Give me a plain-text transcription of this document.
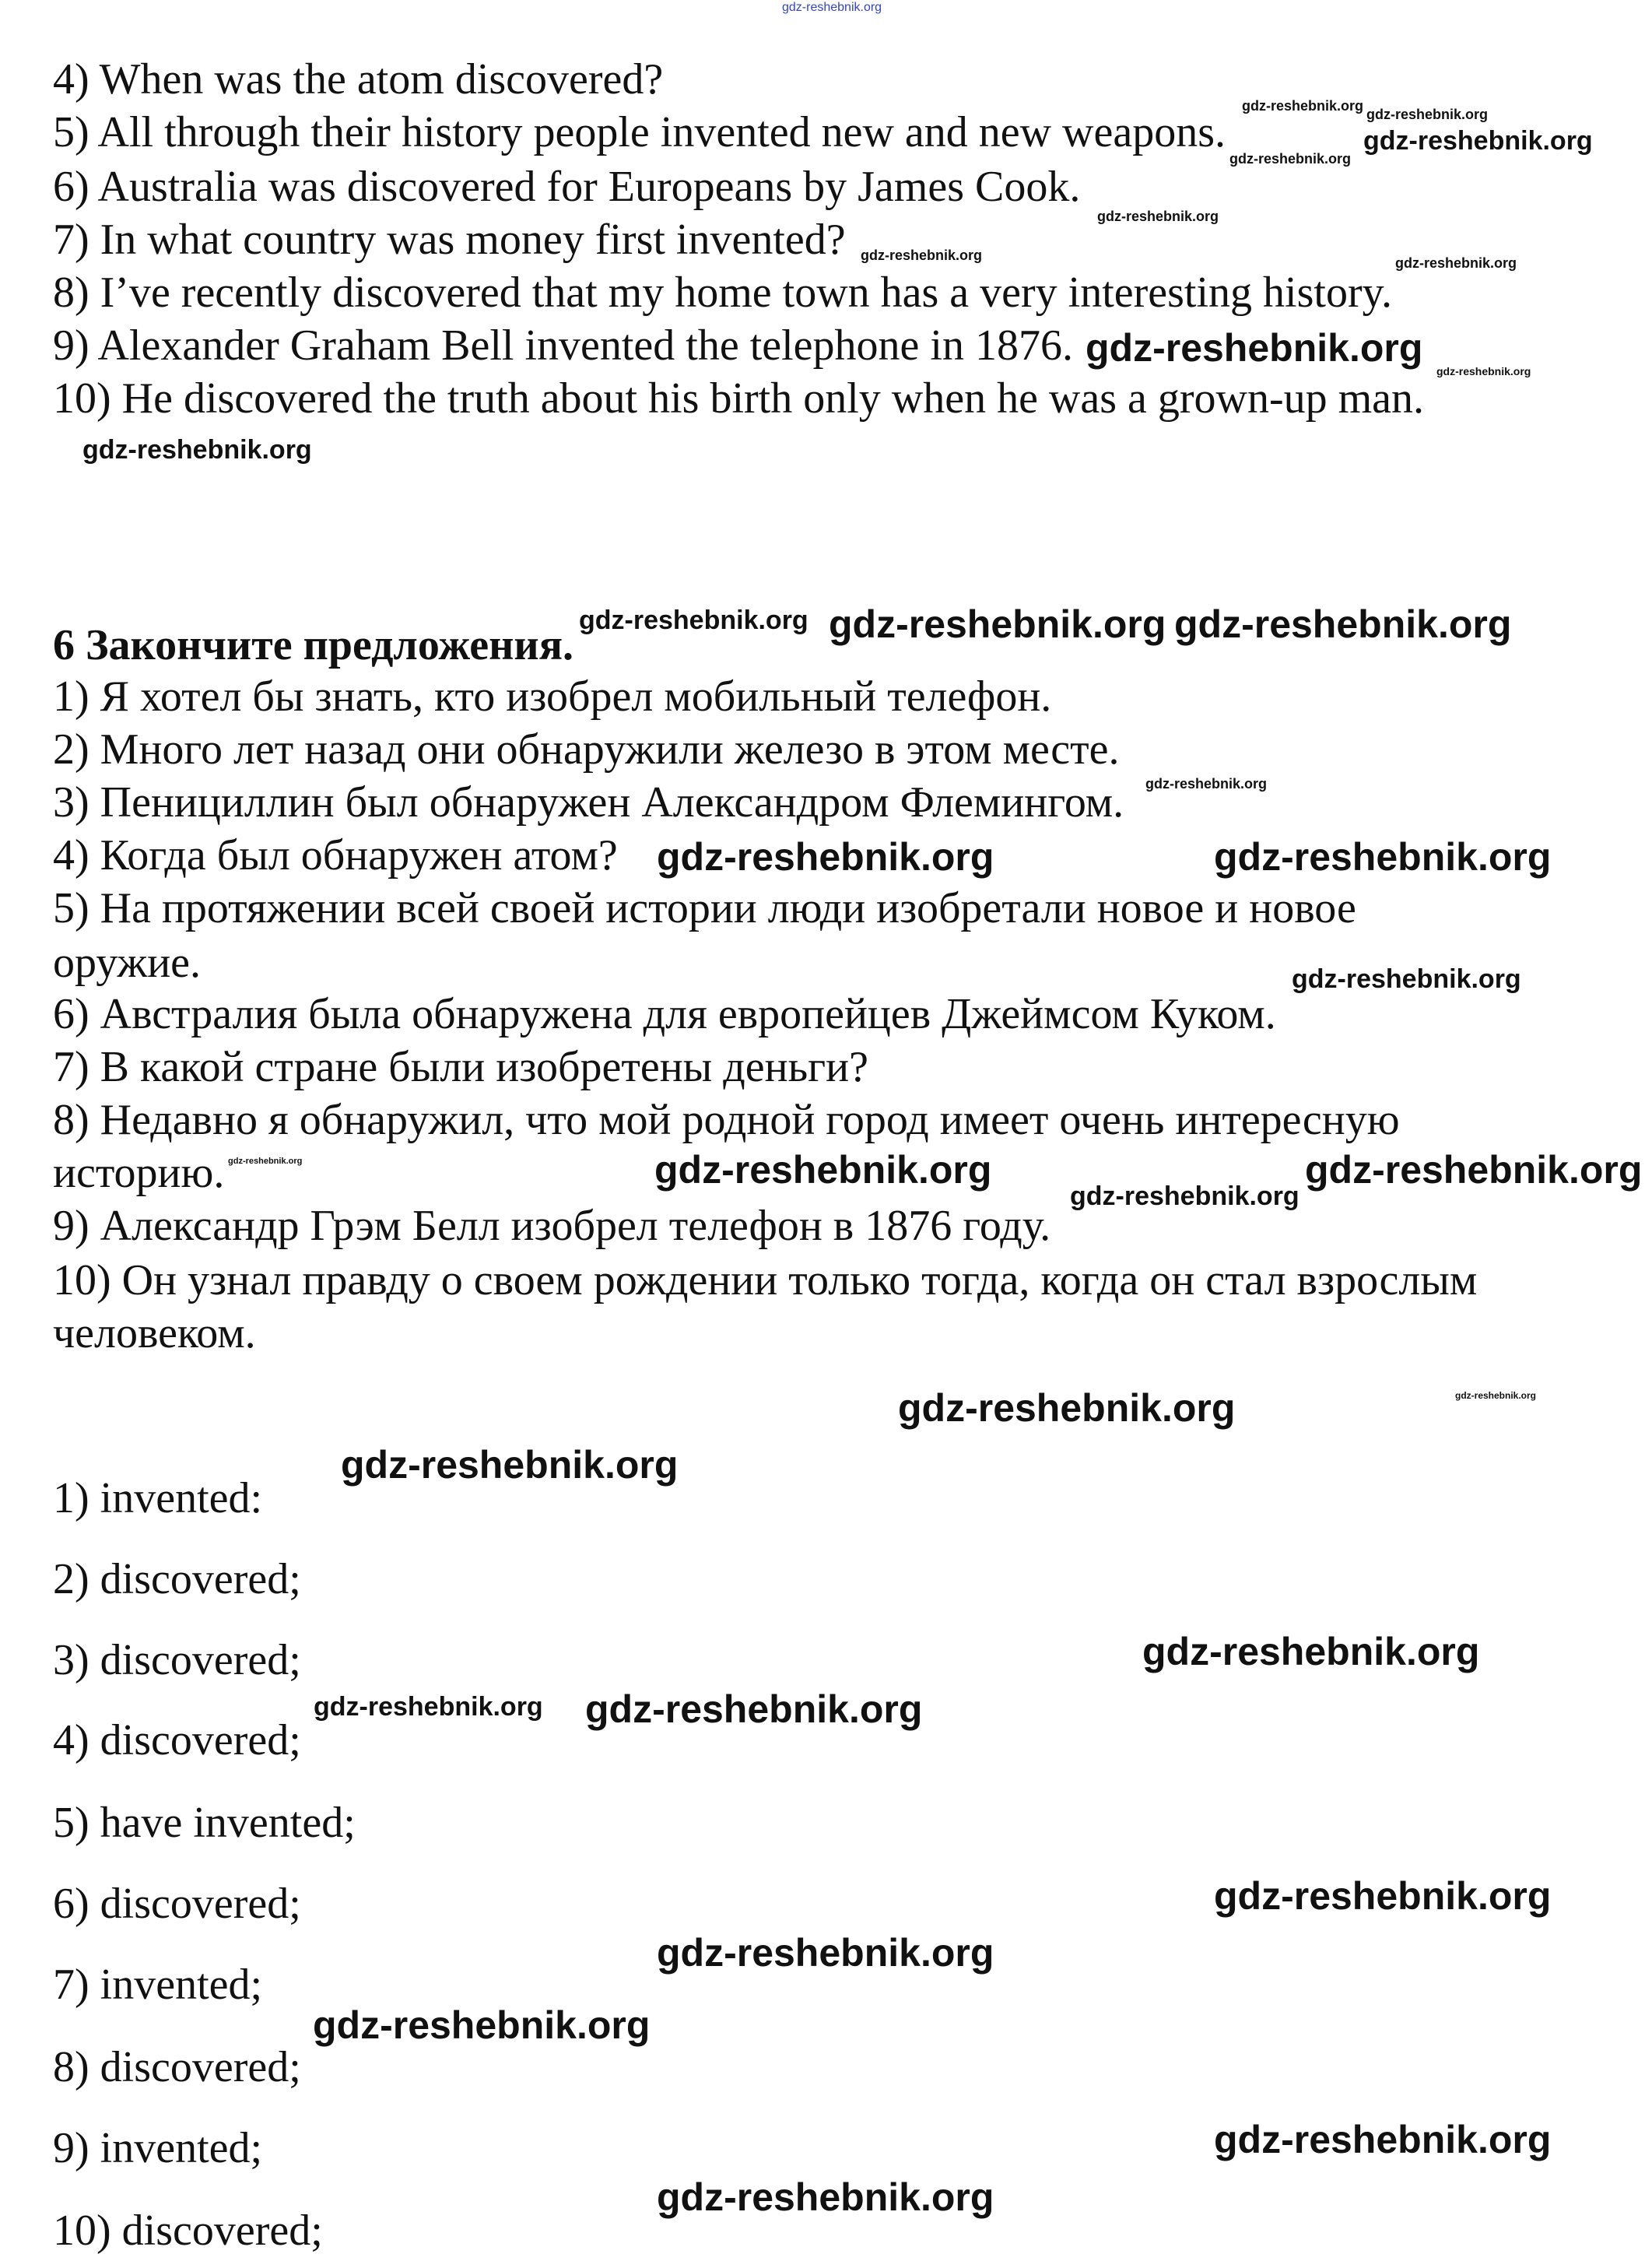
gdz-reshebnik.org
4) When was the atom discovered?
5) All through their history people invented new and new weapons.
6) Australia was discovered for Europeans by James Cook.
7) In what country was money first invented?
8) I’ve recently discovered that my home town has a very interesting history.
9) Alexander Graham Bell invented the telephone in 1876.
10) He discovered the truth about his birth only when he was a grown-up man.
6 Закончите предложения.
1) Я хотел бы знать, кто изобрел мобильный телефон.
2) Много лет назад они обнаружили железо в этом месте.
3) Пенициллин был обнаружен Александром Флемингом.
4) Когда был обнаружен атом?
5) На протяжении всей своей истории люди изобретали новое и новое
оружие.
6) Австралия была обнаружена для европейцев Джеймсом Куком.
7) В какой стране были изобретены деньги?
8) Недавно я обнаружил, что мой родной город имеет очень интересную
историю.
9) Александр Грэм Белл изобрел телефон в 1876 году.
10) Он узнал правду о своем рождении только тогда, когда он стал взрослым
человеком.
1) invented:
2) discovered;
3) discovered;
4) discovered;
5) have invented;
6) discovered;
7) invented;
8) discovered;
9) invented;
10) discovered;
gdz-reshebnik.org
gdz-reshebnik.org
gdz-reshebnik.org
gdz-reshebnik.org
gdz-reshebnik.org
gdz-reshebnik.org
gdz-reshebnik.org
gdz-reshebnik.org
gdz-reshebnik.org
gdz-reshebnik.org
gdz-reshebnik.org
gdz-reshebnik.org
gdz-reshebnik.org
gdz-reshebnik.org
gdz-reshebnik.org
gdz-reshebnik.org
gdz-reshebnik.org
gdz-reshebnik.org gdz-reshebnik.org
gdz-reshebnik.org	gdz-reshebnik.org
gdz-reshebnik.org	gdz-reshebnik.org
gdz-reshebnik.org
gdz-reshebnik.org
gdz-reshebnik.org
gdz-reshebnik.org
gdz-reshebnik.org
gdz-reshebnik.org
gdz-reshebnik.org
gdz-reshebnik.org
gdz-reshebnik.org
